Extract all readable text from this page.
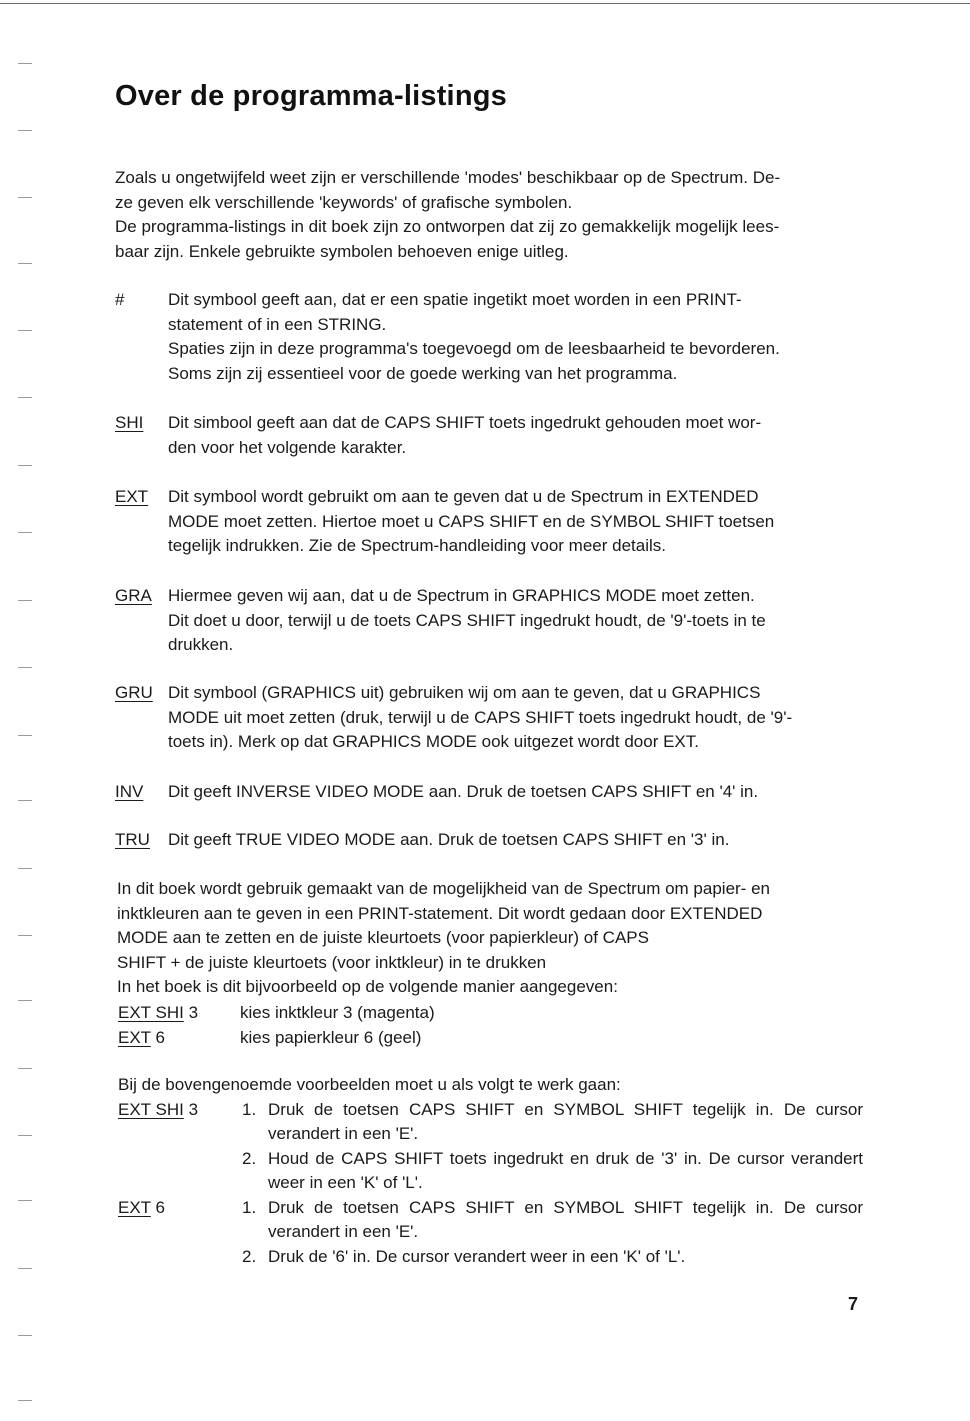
Over de programma-listings

Zoals u ongetwijfeld weet zijn er verschillende 'modes' beschikbaar op de Spectrum. De-

ze geven elk verschillende 'keywords' of grafische symbolen.

De programma-listings in dit boek zijn zo ontworpen dat zij zo gemakkelijk mogelijk lees-

baar zijn. Enkele gebruikte symbolen behoeven enige uitleg.

#	Dit symbool geeft aan, dat er een spatie ingetikt moet worden in een PRINT-

statement of in een STRING.

Spaties zijn in deze programma's toegevoegd om de leesbaarheid te bevorderen.

Soms zijn zij essentieel voor de goede werking van het programma.

SHI Dit simbool geeft aan dat de CAPS SHIFT toets ingedrukt gehouden moet wor-

den voor het volgende karakter.

EXT Dit symbool wordt gebruikt om aan te geven dat u de Spectrum in EXTENDED

MODE moet zetten. Hiertoe moet u CAPS SHIFT en de SYMBOL SHIFT toetsen

tegelijk indrukken. Zie de Spectrum-handleiding voor meer details.

GRA Hiermee geven wij aan, dat u de Spectrum in GRAPHICS MODE moet zetten.

Dit doet u door, terwijl u de toets CAPS SHIFT ingedrukt houdt, de '9'-toets in te

drukken.

GRU Dit symbool (GRAPHICS uit) gebruiken wij om aan te geven, dat u GRAPHICS

MODE uit moet zetten (druk, terwijl u de CAPS SHIFT toets ingedrukt houdt, de '9'-

toets in). Merk op dat GRAPHICS MODE ook uitgezet wordt door EXT.

INV Dit geeft INVERSE VIDEO MODE aan. Druk de toetsen CAPS SHIFT en '4' in.

TRU Dit geeft TRUE VIDEO MODE aan. Druk de toetsen CAPS SHIFT en '3' in.

In dit boek wordt gebruik gemaakt van de mogelijkheid van de Spectrum om papier- en

inktkleuren aan te geven in een PRINT-statement. Dit wordt gedaan door EXTENDED

MODE aan te zetten en de juiste kleurtoets (voor papierkleur) of CAPS

SHIFT + de juiste kleurtoets (voor inktkleur) in te drukken

In het boek is dit bijvoorbeeld op de volgende manier aangegeven:

EXT SHI 3 kies inktkleur 3 (magenta)
EXT 6	kies papierkleur 6 (geel)
Bij de bovengenoemde voorbeelden moet u als volgt te werk gaan:
EXT SHI 3	1. Druk de toetsen CAPS SHIFT en SYMBOL SHIFT tegelijk in. De cursor verandert in een 'E'.
2. Houd de CAPS SHIFT toets ingedrukt en druk de '3' in. De cursor verandert weer in een 'K' of 'L'.
EXT 6	1. Druk de toetsen CAPS SHIFT en SYMBOL SHIFT tegelijk in. De cursor verandert in een 'E'.
2. Druk de '6' in. De cursor verandert weer in een 'K' of 'L'.
7
